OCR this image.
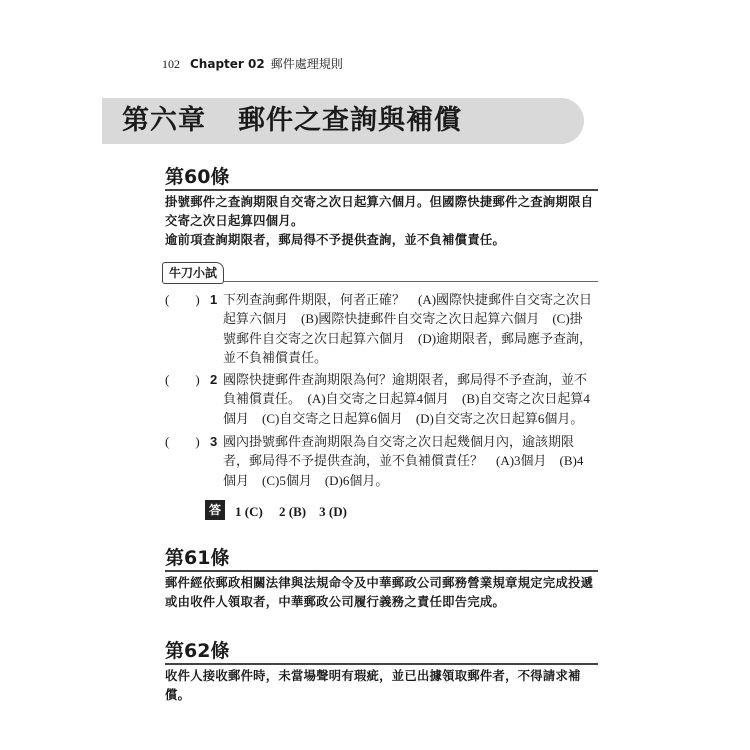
102 Chapter 02 郵件處理規則
第六章 郵件之查詢與補償
第60條

掛號郵件之查詢期限自交寄之次日起算六個月。但國際快捷郵件之查詢期限自交寄之次日起算四個月。

逾前項查詢期限者，郵局得不予提供查詢，並不負補償責任。

牛刀小試
(　　) 1 下列查詢郵件期限，何者正確？　(A)國際快捷郵件自交寄之次日起算六個月　(B)國際快捷郵件自交寄之次日起算六個月　(C)掛號郵件自交寄之次日起算六個月　(D)逾期限者，郵局應予查詢，並不負補償責任。
(　　) 2 國際快捷郵件查詢期限為何？逾期限者，郵局得不予查詢，並不負補償責任。　(A)自交寄之日起算4個月　(B)自交寄之次日起算4個月　(C)自交寄之日起算6個月　(D)自交寄之次日起算6個月。
(　　) 3 國內掛號郵件查詢期限為自交寄之次日起幾個月內，逾該期限者，郵局得不予提供查詢，並不負補償責任？　(A)3個月　(B)4個月　(C)5個月　(D)6個月。
答	1 (C)　 2 (B)　3 (D)
第61條

郵件經依郵政相關法律與法規命令及中華郵政公司郵務營業規章規定完成投遞或由收件人領取者，中華郵政公司履行義務之責任即告完成。

第62條

收件人接收郵件時，未當場聲明有瑕疵，並已出據領取郵件者，不得請求補償。
